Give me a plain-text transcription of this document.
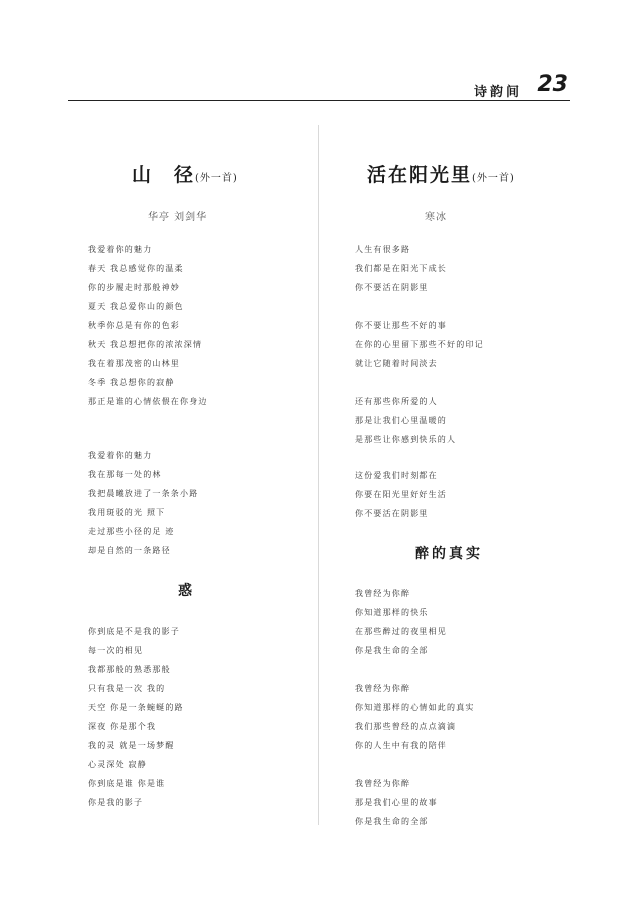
诗韵间 23
山　径(外一首)
华亭 刘剑华
我爱着你的魅力
春天 我总感觉你的温柔
你的步履走时那般神妙
夏天 我总爱你山的颜色
秋季你总是有你的色彩
秋天 我总想把你的浓浓深情
我在着那茂密的山林里
冬季 我总想你的寂静
那正是谁的心情依偎在你身边
我爱着你的魅力
我在那每一处的林
我把晨曦放进了一条条小路
我用斑驳的光 照下
走过那些小径的足 迹
却是自然的一条路径
惑
你到底是不是我的影子
每一次的相见
我都那般的熟悉那般
只有我是一次 我的
天空 你是一条蜿蜒的路
深夜 你是那个我
我的灵 就是一场梦醒
心灵深处 寂静
你到底是谁 你是谁
你是我的影子
活在阳光里(外一首)
寒冰
人生有很多路
我们都是在阳光下成长
你不要活在阴影里
你不要让那些不好的事
在你的心里留下那些不好的印记
就让它随着时间淡去
还有那些你所爱的人
那是让我们心里温暖的
是那些让你感到快乐的人
这份爱我们时刻都在
你要在阳光里好好生活
你不要活在阴影里
醉的真实
我曾经为你醉
你知道那样的快乐
在那些醉过的夜里相见
你是我生命的全部
我曾经为你醉
你知道那样的心情如此的真实
我们那些曾经的点点滴滴
你的人生中有我的陪伴
我曾经为你醉
那是我们心里的故事
你是我生命的全部
